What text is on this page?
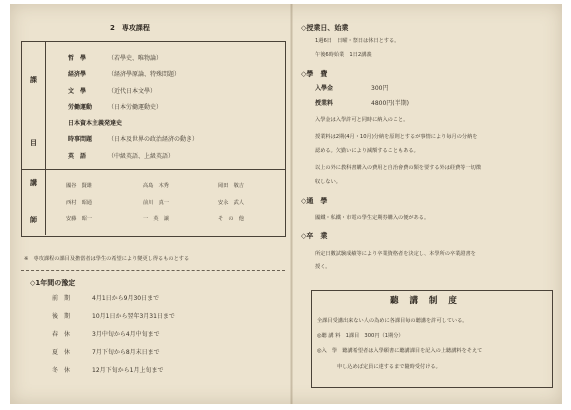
2　専攻課程
課
目
哲　學	（若學史、唯物論）
経済學	（経済學原論、特殊問題）
文　學	（近代日本文學）
労働運動	（日本労働運動史）
日本資本主義発達史
時事問題	（日本及世界の政治経済の動き）
英　語	（中級英語、上級英語）
講
師
國谷　賢雄	高島　木秀	岡田　敬吉
西村　昭通	前川　真一	安永　武人
安藤　昭一	一　英　譲	そ　の　他
※　専攻課程の課目及擔當者は學生の希望により變更し得るものとする
◇1年間の豫定
前　期	4月1日から9月30日まで
後　期	10月1日から翌年3月31日まで
春　休	3月中旬から4月中旬まで
夏　休	7月下旬から8月末日まで
冬　休	12月下旬から1月上旬まで
◇授業日、始業
1週6日　日曜・祭日は休日とする。
午後6時始業　1日2講義
◇學　費
入學金	300円
授業料	4800円(半期)
入學金は入學許可と同時に納入のこと。
授業料は2期(4月・10月)分納を原則とするが事情により毎月の分納を
認める。欠勤いにより減額することもある。
以上の外に教科書購入の費用と自治會費の類を要する外は経費等一切徴
収しない。
◇通　學
國鐵・私鐵・市電の學生定期券購入の便がある。
◇卒　業
所定日數試験成績等により卒業資格者を決定し、本學所の卒業證書を
授く。
聽 講 制 度
全課目受講出来ない人の為めに各課目毎の聽講を許可している。
◎聽 講 料　1課目　300円（1期分）
◎入　學　聽講希望者は入學願書に聽講課目を記入の上聽講料をそえて
申し込めば定員に達するまで隨時受付ける。
